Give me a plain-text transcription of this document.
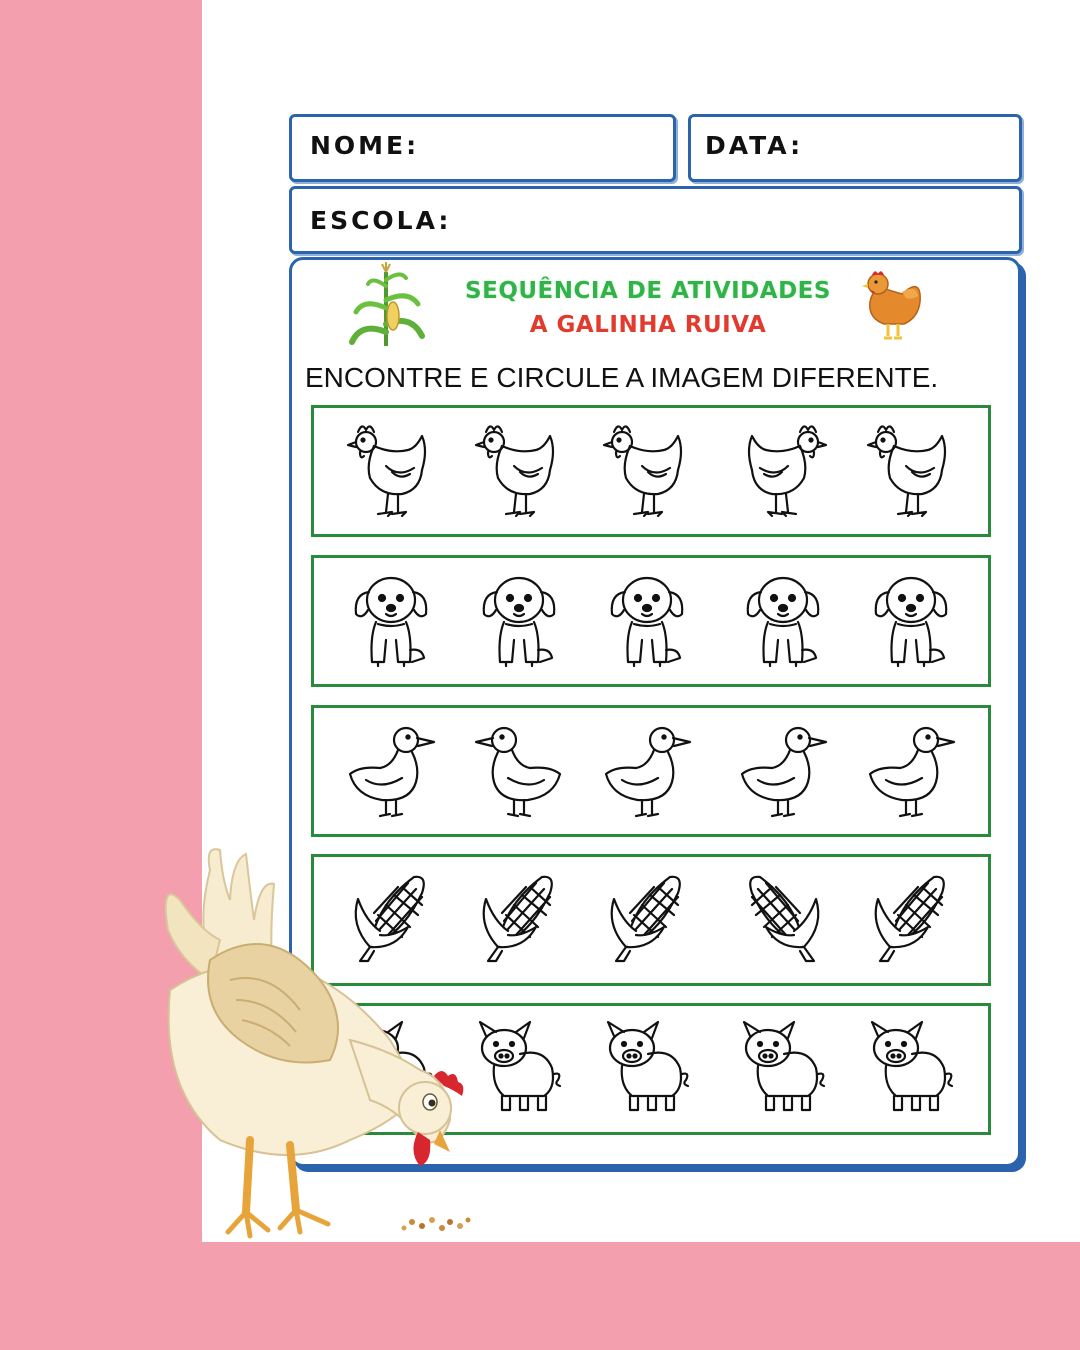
NOME:	DATA:
ESCOLA:
SEQUÊNCIA DE ATIVIDADES
A GALINHA RUIVA
ENCONTRE E CIRCULE A IMAGEM DIFERENTE.
